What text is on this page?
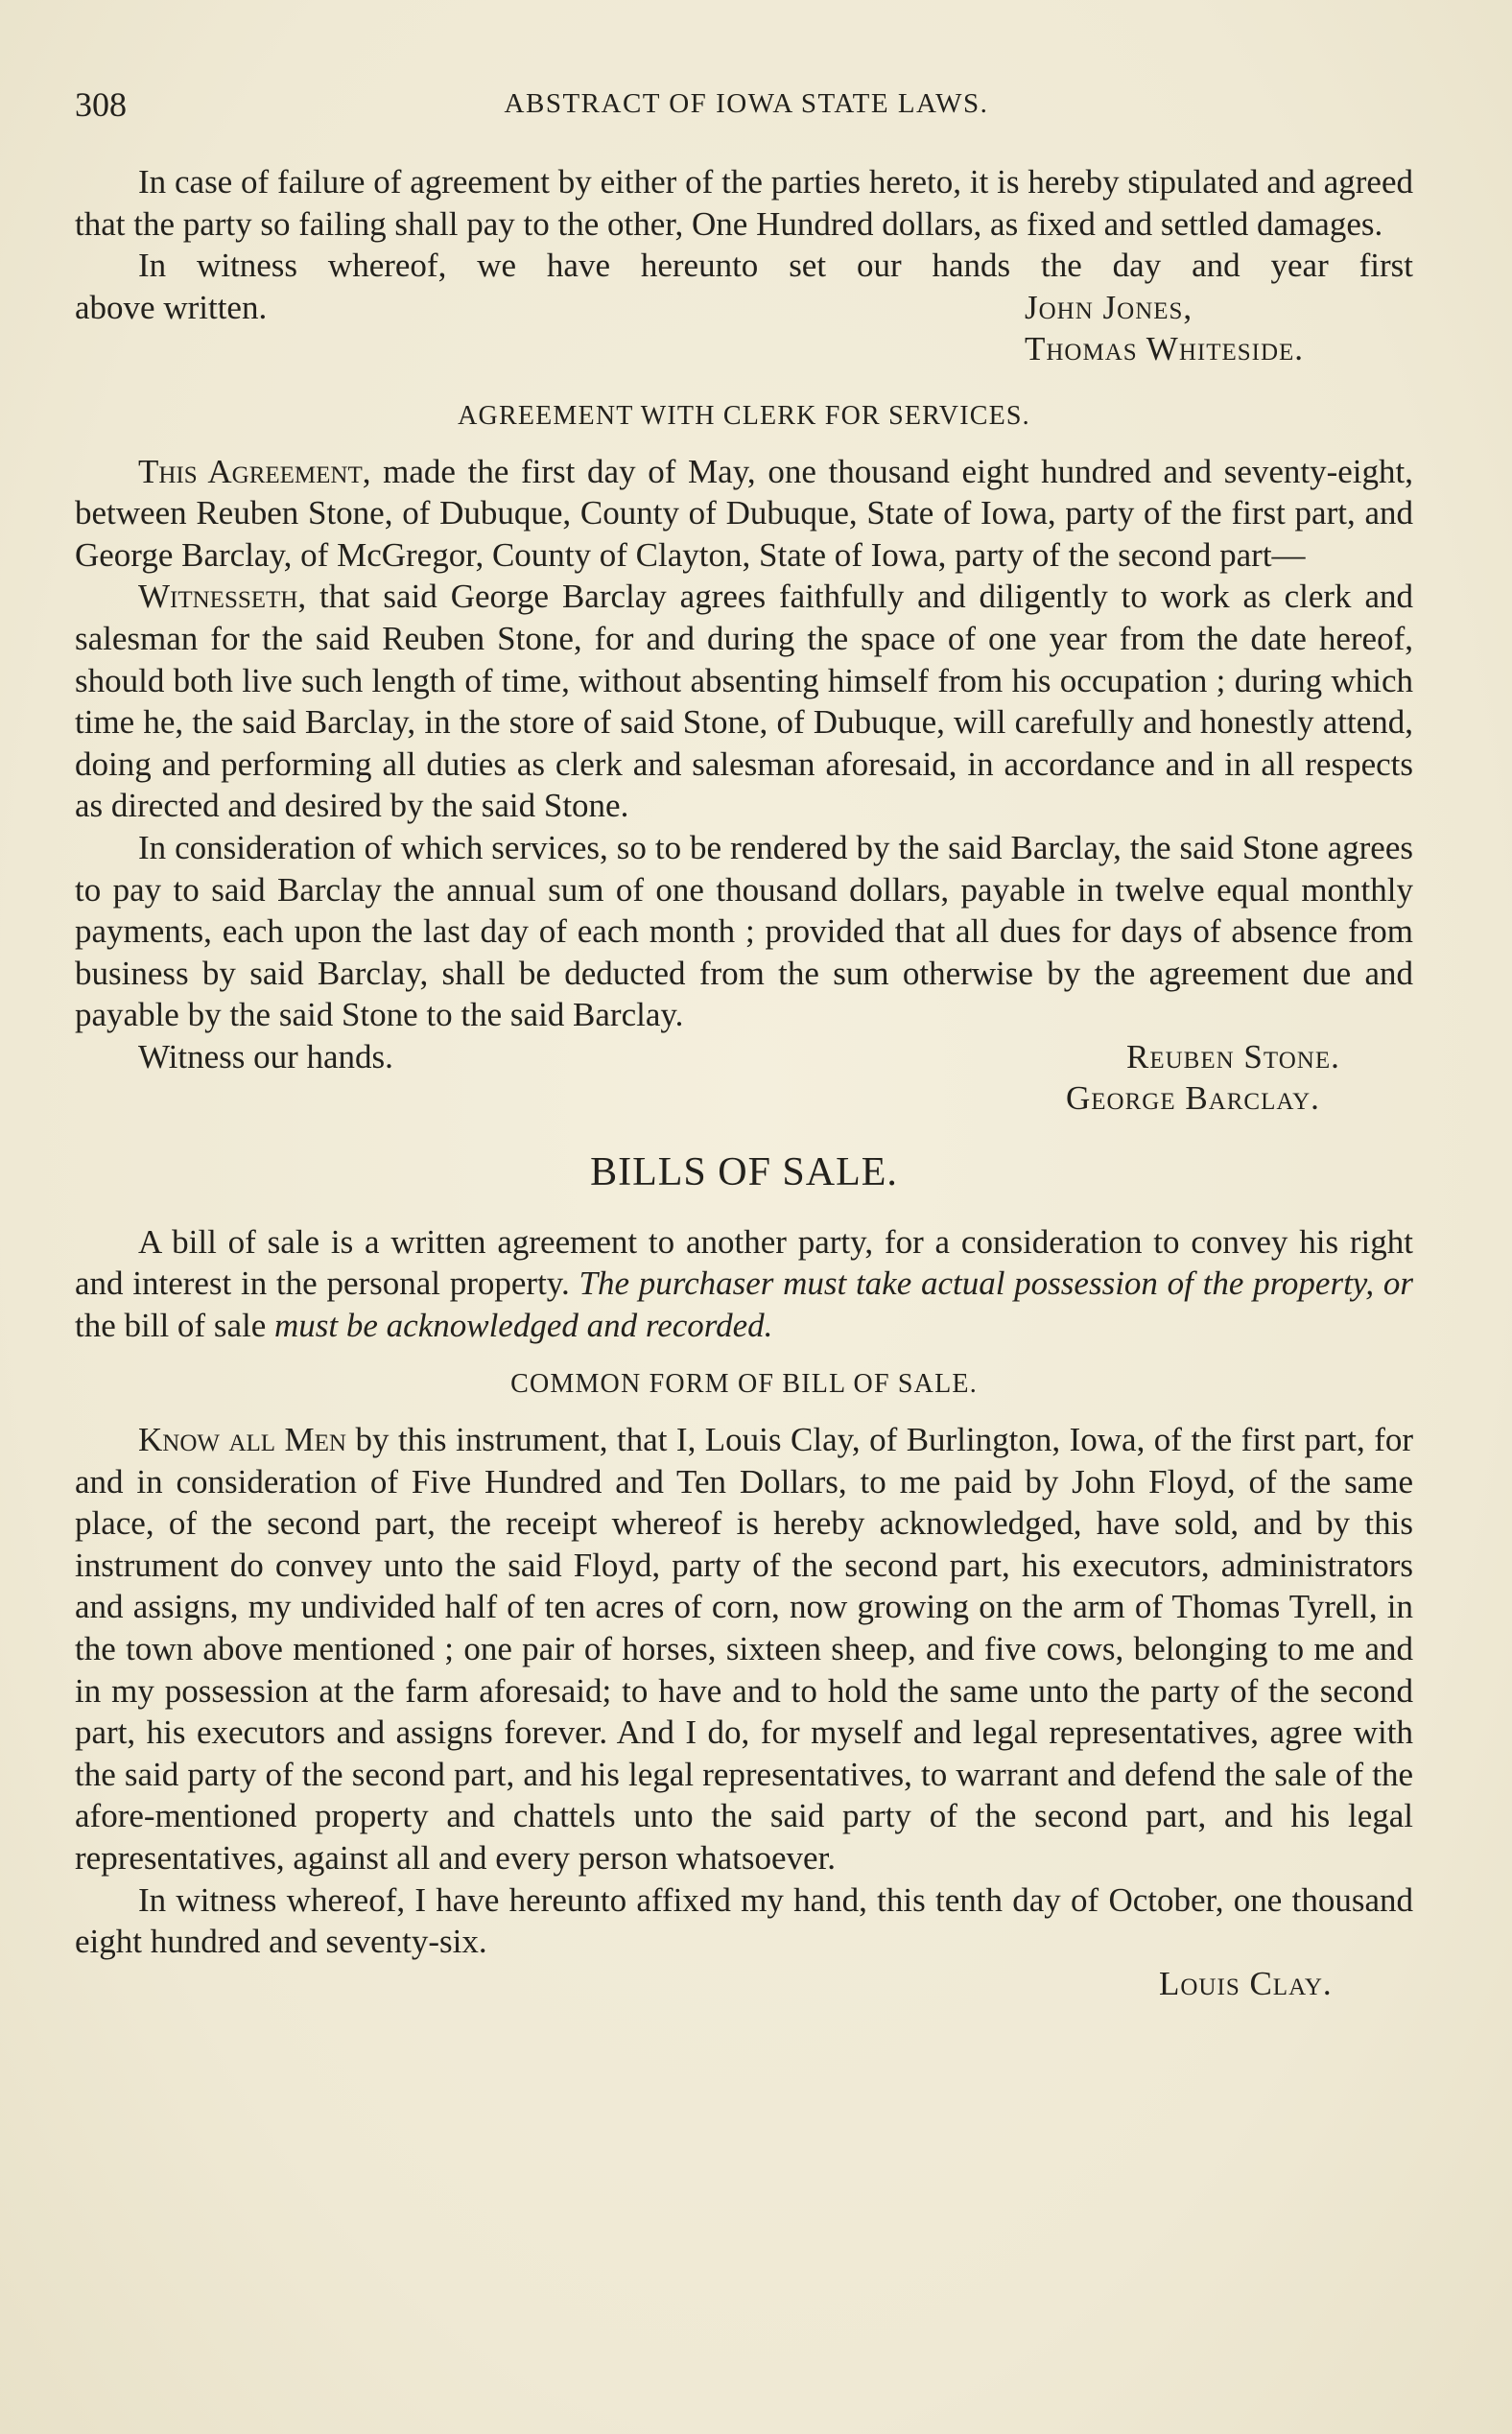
308	ABSTRACT OF IOWA STATE LAWS.

In case of failure of agreement by either of the parties hereto, it is hereby stipulated and agreed that the party so failing shall pay to the other, One Hundred dollars, as fixed and settled damages.

In witness whereof, we have hereunto set our hands the day and year first

above written.	John Jones,

Thomas Whiteside.

AGREEMENT WITH CLERK FOR SERVICES.

This Agreement, made the first day of May, one thousand eight hundred and seventy-eight, between Reuben Stone, of Dubuque, County of Dubuque, State of Iowa, party of the first part, and George Barclay, of McGregor, County of Clayton, State of Iowa, party of the second part—

Witnesseth, that said George Barclay agrees faithfully and diligently to work as clerk and salesman for the said Reuben Stone, for and during the space of one year from the date hereof, should both live such length of time, without absenting himself from his occupation ; during which time he, the said Barclay, in the store of said Stone, of Dubuque, will carefully and honestly attend, doing and performing all duties as clerk and salesman aforesaid, in accordance and in all respects as directed and desired by the said Stone.

In consideration of which services, so to be rendered by the said Barclay, the said Stone agrees to pay to said Barclay the annual sum of one thousand dollars, payable in twelve equal monthly payments, each upon the last day of each month ; provided that all dues for days of absence from business by said Barclay, shall be deducted from the sum otherwise by the agreement due and payable by the said Stone to the said Barclay.

Witness our hands.	Reuben Stone.

George Barclay.

BILLS OF SALE.

A bill of sale is a written agreement to another party, for a consideration to convey his right and interest in the personal property. The purchaser must take actual possession of the property, or the bill of sale must be acknowledged and recorded.

COMMON FORM OF BILL OF SALE.

Know all Men by this instrument, that I, Louis Clay, of Burlington, Iowa, of the first part, for and in consideration of Five Hundred and Ten Dollars, to me paid by John Floyd, of the same place, of the second part, the receipt whereof is hereby acknowledged, have sold, and by this instrument do convey unto the said Floyd, party of the second part, his executors, administrators and assigns, my undivided half of ten acres of corn, now growing on the arm of Thomas Tyrell, in the town above mentioned ; one pair of horses, sixteen sheep, and five cows, belonging to me and in my possession at the farm aforesaid; to have and to hold the same unto the party of the second part, his executors and assigns forever. And I do, for myself and legal representatives, agree with the said party of the second part, and his legal representatives, to warrant and defend the sale of the afore-mentioned property and chattels unto the said party of the second part, and his legal representatives, against all and every person whatsoever.

In witness whereof, I have hereunto affixed my hand, this tenth day of October, one thousand eight hundred and seventy-six.

Louis Clay.
